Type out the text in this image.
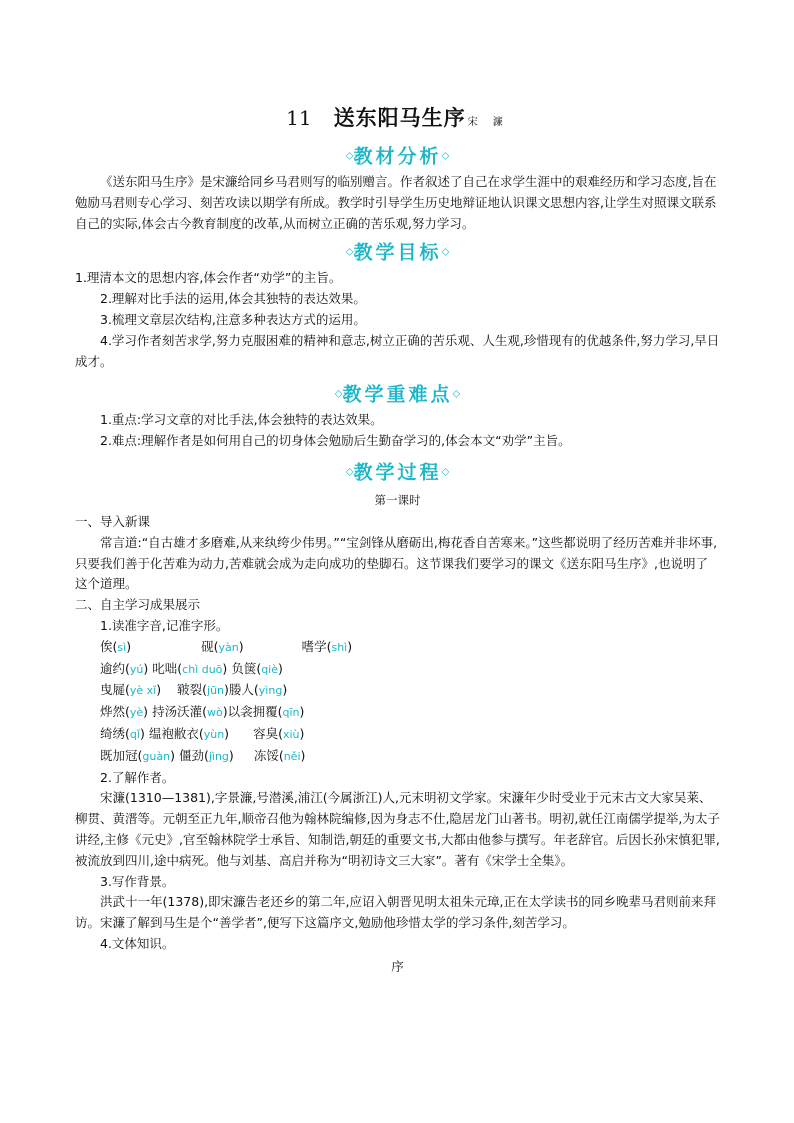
11 送东阳马生序 宋 濂
◇教材分析◇

《送东阳马生序》是宋濂给同乡马君则写的临别赠言。作者叙述了自己在求学生涯中的艰难经历和学习态度,旨在勉励马君则专心学习、刻苦攻读以期学有所成。教学时引导学生历史地辩证地认识课文思想内容,让学生对照课文联系自己的实际,体会古今教育制度的改革,从而树立正确的苦乐观,努力学习。

◇教学目标◇

1.理清本文的思想内容,体会作者“劝学”的主旨。

2.理解对比手法的运用,体会其独特的表达效果。

3.梳理文章层次结构,注意多种表达方式的运用。

4.学习作者刻苦求学,努力克服困难的精神和意志,树立正确的苦乐观、人生观,珍惜现有的优越条件,努力学习,早日成才。

◇教学重难点◇

1.重点:学习文章的对比手法,体会独特的表达效果。

2.难点:理解作者是如何用自己的切身体会勉励后生勤奋学习的,体会本文“劝学”主旨。

◇教学过程◇
第一课时

一、导入新课

常言道:“自古雄才多磨难,从来纨绔少伟男。”“宝剑锋从磨砺出,梅花香自苦寒来。”这些都说明了经历苦难并非坏事,只要我们善于化苦难为动力,苦难就会成为走向成功的垫脚石。这节课我们要学习的课文《送东阳马生序》,也说明了这个道理。

二、自主学习成果展示

1.读准字音,记准字形。

俟(sì)	砚(yàn)	嗜学(shì)
逾约(yú) 叱咄(chì duō) 负箧(qiè)
曳屣(yè xǐ) 皲裂(jūn)媵人(yìng)
烨然(yè) 持汤沃灌(wò)以衾拥覆(qīn)
绮绣(qǐ) 缊袍敝衣(yùn) 容臭(xiù)
既加冠(guàn) 僵劲(jìng) 冻馁(něi)

2.了解作者。

宋濂(1310—1381),字景濂,号潜溪,浦江(今属浙江)人,元末明初文学家。宋濂年少时受业于元末古文大家吴莱、柳贯、黄溍等。元朝至正九年,顺帝召他为翰林院编修,因为身志不仕,隐居龙门山著书。明初,就任江南儒学提举,为太子讲经,主修《元史》,官至翰林院学士承旨、知制诰,朝廷的重要文书,大都由他参与撰写。年老辞官。后因长孙宋慎犯罪,被流放到四川,途中病死。他与刘基、高启并称为“明初诗文三大家”。著有《宋学士全集》。

3.写作背景。

洪武十一年(1378),即宋濂告老还乡的第二年,应诏入朝晋见明太祖朱元璋,正在太学读书的同乡晚辈马君则前来拜访。宋濂了解到马生是个“善学者”,便写下这篇序文,勉励他珍惜太学的学习条件,刻苦学习。

4.文体知识。

序
